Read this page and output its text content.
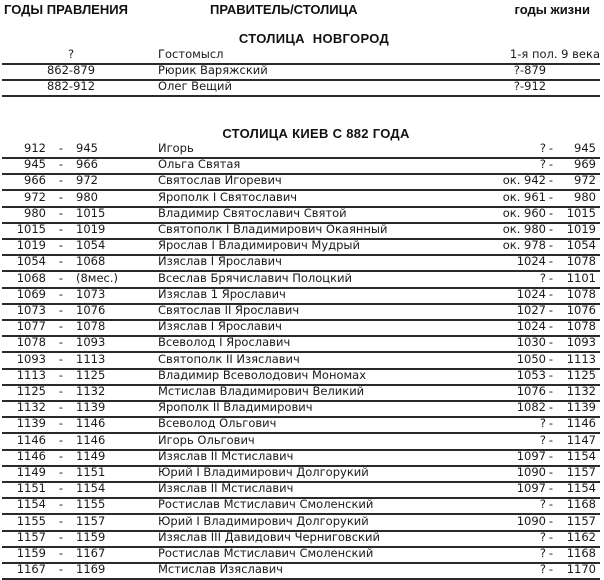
ГОДЫ ПРАВЛЕНИЯ	ПРАВИТЕЛЬ/СТОЛИЦА	годы жизни
СТОЛИЦА НОВГОРОД
?	Гостомысл	1-я пол. 9 века
862-879	Рюрик Варяжский	?-879
882-912	Олег Вещий	?-912
СТОЛИЦА КИЕВ С 882 ГОДА
912 - 945	Игорь	? - 945
945 - 966	Ольга Святая	? - 969
966 - 972	Святослав Игоревич	ок. 942 - 972
972 - 980	Ярополк I Святославич	ок. 961 - 980
980 - 1015	Владимир Святославич Святой	ок. 960 - 1015
1015 - 1019	Святополк I Владимирович Окаянный	ок. 980 - 1019
1019 - 1054	Ярослав I Владимирович Мудрый	ок. 978 - 1054
1054 - 1068	Изяслав I Ярославич	1024 - 1078
1068 - (8мес.)	Всеслав Брячиславич Полоцкий	? - 1101
1069 - 1073	Изяслав 1 Ярославич	1024 - 1078
1073 - 1076	Святослав II Ярославич	1027 - 1076
1077 - 1078	Изяслав I Ярославич	1024 - 1078
1078 - 1093	Всеволод I Ярославич	1030 - 1093
1093 - 1113	Святополк II Изяславич	1050 - 1113
1113 - 1125	Владимир Всеволодович Мономах	1053 - 1125
1125 - 1132	Мстислав Владимирович Великий	1076 - 1132
1132 - 1139	Ярополк II Владимирович	1082 - 1139
1139 - 1146	Всеволод Ольгович	? - 1146
1146 - 1146	Игорь Ольгович	? - 1147
1146 - 1149	Изяслав II Мстиславич	1097 - 1154
1149 - 1151	Юрий I Владимирович Долгорукий	1090 - 1157
1151 - 1154	Изяслав II Мстиславич	1097 - 1154
1154 - 1155	Ростислав Мстиславич Смоленский	? - 1168
1155 - 1157	Юрий I Владимирович Долгорукий	1090 - 1157
1157 - 1159	Изяслав III Давидович Черниговский	? - 1162
1159 - 1167	Ростислав Мстиславич Смоленский	? - 1168
1167 - 1169	Мстислав Изяславич	? - 1170
